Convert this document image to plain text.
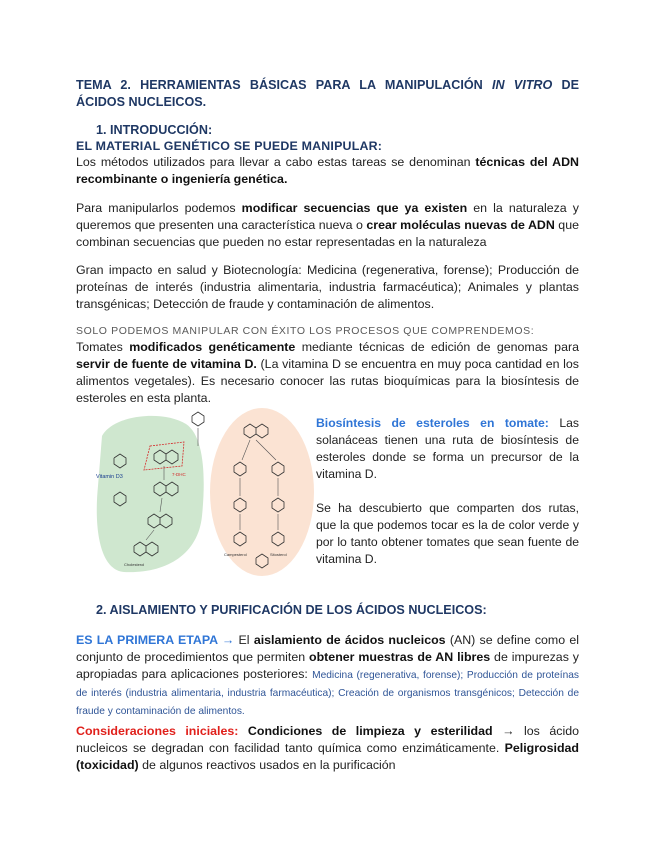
TEMA 2. HERRAMIENTAS BÁSICAS PARA LA MANIPULACIÓN IN VITRO DE ÁCIDOS NUCLEICOS.
1. INTRODUCCIÓN:
EL MATERIAL GENÉTICO SE PUEDE MANIPULAR:

Los métodos utilizados para llevar a cabo estas tareas se denominan técnicas del ADN recombinante o ingeniería genética.

Para manipularlos podemos modificar secuencias que ya existen en la naturaleza y queremos que presenten una característica nueva o crear moléculas nuevas de ADN que combinan secuencias que pueden no estar representadas en la naturaleza

Gran impacto en salud y Biotecnología: Medicina (regenerativa, forense); Producción de proteínas de interés (industria alimentaria, industria farmacéutica); Animales y plantas transgénicas; Detección de fraude y contaminación de alimentos.

SOLO PODEMOS MANIPULAR CON ÉXITO LOS PROCESOS QUE COMPRENDEMOS:

Tomates modificados genéticamente mediante técnicas de edición de genomas para servir de fuente de vitamina D. (La vitamina D se encuentra en muy poca cantidad en los alimentos vegetales). Es necesario conocer las rutas bioquímicas para la biosíntesis de esteroles en esta planta.

Vitamin D3	7-DHC
Campesterol	Sitosterol
Cholesterol

Biosíntesis de esteroles en tomate: Las solanáceas tienen una ruta de biosíntesis de esteroles donde se forma un precursor de la vitamina D.

Se ha descubierto que comparten dos rutas, que la que podemos tocar es la de color verde y por lo tanto obtener tomates que sean fuente de vitamina D.

2. AISLAMIENTO Y PURIFICACIÓN DE LOS ÁCIDOS NUCLEICOS:

ES LA PRIMERA ETAPA → El aislamiento de ácidos nucleicos (AN) se define como el conjunto de procedimientos que permiten obtener muestras de AN libres de impurezas y apropiadas para aplicaciones posteriores: Medicina (regenerativa, forense); Producción de proteínas de interés (industria alimentaria, industria farmacéutica); Creación de organismos transgénicos; Detección de fraude y contaminación de alimentos.

Consideraciones iniciales: Condiciones de limpieza y esterilidad → los ácido nucleicos se degradan con facilidad tanto química como enzimáticamente. Peligrosidad (toxicidad) de algunos reactivos usados en la purificación
